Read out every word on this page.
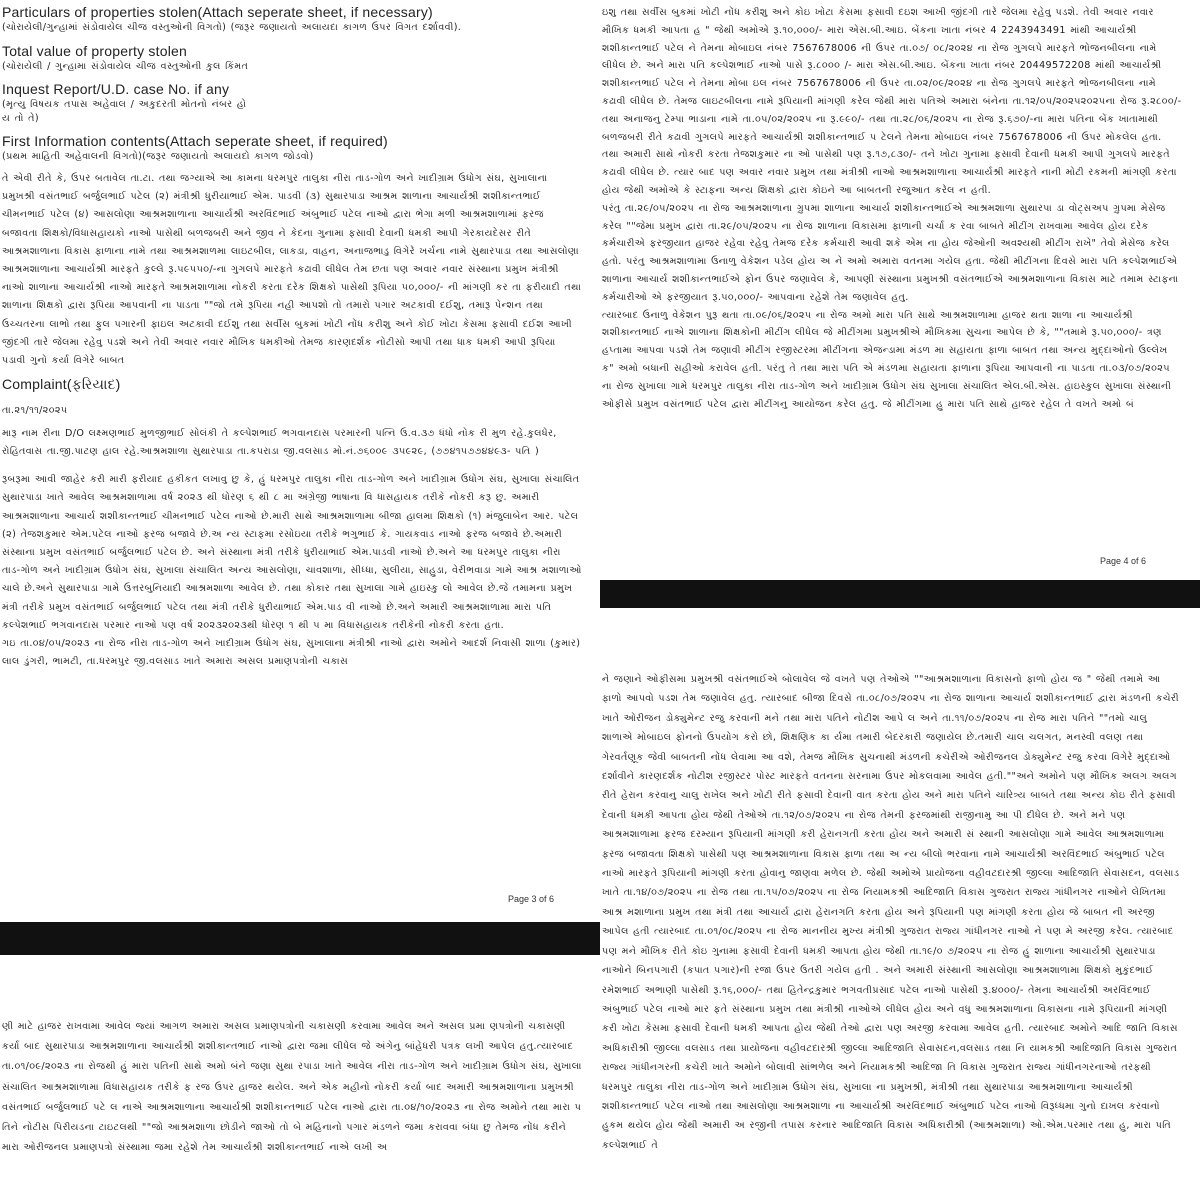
Particulars of properties stolen(Attach seperate sheet, if necessary)

(ચોરાયેલી/ગુન્હામાં સંડોવાયેલ ચીજ વસ્તુઓની વિગતો) (જરૂર જણાયતો અલાયદા કાગળ ઉપર વિગત દર્શાવવી).

Total value of property stolen

(ચોરાયેલી / ગુન્હામા સંડોવાયેલ ચીજ વસ્તુઓની કુલ કિંમત

Inquest Report/U.D. case No. if any

(મૃત્યુ વિષયક તપાસ અહેવાલ / અકુદરતી મોતનો નંબર હો
ય તો તે)

First Information contents(Attach seperate sheet, if required)

(પ્રથમ માહિતી અહેવાલની વિગતો)(જરૂર જણાયતો અલાયદો કાગળ જોડવો)

તે એવી રીતે કે, ઉપર બતાવેલ તા.ટા. તથા જગ્યાએ આ કામના ધરમપુર તાલુકા નીરા તાડ-ગોળ અને ખાદીગ્રામ ઉધોગ સંઘ, સુખાલાના પ્રમુખશ્રી વસંતભાઈ બર્જુલભાઈ પટેલ (૨) મંત્રીશ્રી ધુરીયાભાઈ એમ. પાડવી (૩) સુથારપાડા આશ્રમ શાળાના આચાર્યશ્રી શશીકાન્તભાઈ ચીમનભાઈ પટેલ (૪) આસલોણા આશ્રમશાળાના આચાર્યશ્રી અરવિંદભાઈ અંબુભાઈ પટેલ નાઓ દ્વારા ભેગા મળી આશ્રમશાળામાં ફરજ બજાવતા શિક્ષકો/વિધાસહાયકો નાઓ પાસેથી બળજબરી અને જીવ ને કેદના ગુનામા ફસાવી દેવાની ધમકી આપી ગેરકાયદેસર રીતે આશ્રમશાળાના વિકાસ ફાળાના નામે તથા આશ્રમશાળમા લાઇટબીલ, લાકડા, વાહન, અનાજભાડુ વિગેરે ખર્ચના નામે સુથારપાડા તથા આસલોણા આશ્રમશાળાના આચાર્યશ્રી મારફતે કુલ્લે રૂ.૫૯૫૫૦/-ના ગુગલપે મારફતે કઢાવી લીધેલ તેમ છતા પણ અવાર નવાર સંસ્થાના પ્રમુખ મંત્રીશ્રી નાઓ શાળાના આચાર્યશ્રી નાઓ મારફતે આશ્રમશાળામા નોકરી કરતા દરેક શિક્ષકો પાસેથી રૂપિયા ૫૦,૦૦૦/- ની માંગણી કર તા ફરીયાદી તથા શાળાના શિક્ષકો દ્વારા રૂપિયા આપવાની ના પાડતા ""જો તમે રૂપિયા નહી આપશો તો તમારો પગાર અટકાવી દઈશુ, તમારૂ પેન્શન તથા ઉચ્ચતરના લાભો તથા ફુલ પગારની ફાઇલ અટકાવી દઈશુ તથા સર્વીસ બુકમાં ખોટી નોંધ કરીશુ અને કોઈ ખોટા કેસમા ફસાવી દઈશ આખી જીંદગી તારે જેલમા રહેવુ પડશે અને તેવી અવાર નવાર મૌખિક ધમકીઓ તેમજ કારણદર્શક નોટીસો આપી તથા ધાક ધમકી આપી રૂપિયા પડાવી ગુનો કર્યા વિગેરે બાબત

Complaint(ફરિયાદ)

તા.૨૧/૧૧/૨૦૨૫

મારૂ નામ રીના D/O લક્ષ્મણભાઈ મુળજીભાઈ સોલંકી તે કલ્પેશભાઈ ભગવાનદાસ પરમારની પત્નિ ઉ.વ.૩૭ ધંધો નોક રી મુળ રહે.કુલધેર, રોહિતવાસ તા.જી.પાટણ હાલ રહે.આશ્રમશાળા સુથારપાડા તા.કપરાડા જી.વલસાડ મો.નં.૭૬૦૦૯ ૩૫૯૨૯, (૭૭૪૧૫૭૭૪૪૯૩- પતિ )

રૂબરૂમા આવી જાહેર કરી મારી ફરીયાદ હકીકત લખાવુ છુ કે, હું ધરમપુર તાલુકા નીરા તાડ-ગોળ અને ખાદીગ્રામ ઉધોગ સંઘ, સુખાલા સંચાલિત સુથારપાડા ખાતે આવેલ આશ્રમશાળામા વર્ષ ૨૦૨૩ થી ધોરણ ૬ થી ૮ મા અંગ્રેજી ભાષાના વિ ધાસહાયક તરીકે નોકરી કરૂ છુ. અમારી આશ્રમશાળાના આચાર્ય શશીકાન્તભાઈ ચીમનભાઈ પટેલ નાઓ છે.મારી સાથે આશ્રમશાળામા બીજા હાલમા શિક્ષકો (૧) મંજુલાબેન આર. પટેલ (૨) તેજશકુમાર એમ.પટેલ નાઓ ફરજ બજાવે છે.અ ન્ય સ્ટાફમા રસોઇયા તરીકે ભગુભાઈ કે. ગાયકવાડ નાઓ ફરજ બજાવે છે.અમારી સંસ્થાના પ્રમુખ વસંતભાઈ બર્જુલભાઈ પટેલ છે. અને સંસ્થાના મંત્રી તરીકે ધુરીયાભાઈ એમ.પાડવી નાઓ છે.અને આ ધરમપુર તાલુકા નીરા તાડ-ગોળ અને ખાદીગ્રામ ઉધોગ સંઘ, સુખાલા સંચાલિત અન્ય આસલોણા, ચાવશાળા, સીધ્ધા, સુલીયા, સાહુડા, વેરીભવાડા ગામે આશ્ર મશાળાઓ ચાલે છે.અને સુથારપાડા ગામે ઉત્તરબુનિયાદી આશ્રમશાળા આવેલ છે. તથા કોકાર તથા સુખાલા ગામે હાઇસ્કુ લો આવેલ છે.જે તમામના પ્રમુખ મંત્રી તરીકે પ્રમુખ વસંતભાઈ બર્જુલભાઈ પટેલ તથા મંત્રી તરીકે ધુરીયાભાઈ એમ.પાડ વી નાઓ છે.અને અમારી આશ્રમશાળામા મારા પતિ કલ્પેશભાઈ ભગવાનદાસ પરમાર નાઓ પણ વર્ષ ૨૦૨૩૨૦૨૩થી ધોરણ ૧ થી ૫ મા વિધાસહાયક તરીકેની નોકરી કરતા હતા.

ગઇ તા.૦૪/૦૫/૨૦૨૩ ના રોજ નીરા તાડ-ગોળ અને ખાદીગ્રામ ઉધોગ સંઘ, સુખાલાના મંત્રીશ્રી નાઓ દ્વારા અમોને આદર્શ નિવાસી શાળા (કુમાર) લાલ ડુંગરી, ભામટી, તા.ધરમપુર જી.વલસાડ ખાતે અમારા અસલ પ્રમાણપત્રોની ચકાસ

Page 3 of 6

ણી માટે હાજર રાખવામા આવેલ જ્યાં આગળ અમારા અસલ પ્રમાણપત્રોની ચકાસણી કરવામા આવેલ અને અસલ પ્રમા ણપત્રોની ચકાસણી કર્યા બાદ સુથારપાડા આશ્રમશાળાના આચાર્યશ્રી શશીકાન્તભાઈ નાઓ દ્વારા જમા લીધેલ જે અંગેનુ બાંહેધરી પત્રક લખી આપેલ હતુ.ત્યારબાદ તા.૦૧/૦૯/૨૦૨૩ ના રોજથી હું મારા પતિની સાથે અમો બંને જણા સુથા રપાડા ખાતે આવેલ નીરા તાડ-ગોળ અને ખાદીગ્રામ ઉધોગ સંઘ, સુખાલા સંચાલિત આશ્રમશાળામા વિધાસહાયક તરીકે ફ રજ ઉપર હાજર થયેલ. અને એક મહીનો નોકરી કર્યા બાદ અમારી આશ્રમશાળાના પ્રમુખશ્રી વસંતભાઈ બર્જુલભાઈ પટે લ નાએ આશ્રમશાળાના આચાર્યશ્રી શશીકાન્તભાઈ પટેલ નાઓ દ્વારા તા.૦૪/૧૦/૨૦૨૩ ના રોજ અમોને તથા મારા પ તિને નોટીસ પિરીયડના ટાઇટલથી ""જો આશ્રમશાળા છોડીને જાઓ તો બે મહિનાનો પગાર મંડળને જમા કરાવવા બંધા છુ તેમજ નોંધ કરીને મારા ઓરીજનલ પ્રમાણપત્રો સંસ્થામા જમા રહેશે તેમ આચાર્યશ્રી શશીકાન્તભાઈ નાએ લખી અ

ઇશુ તથા સર્વીસ બુકમાં ખોટી નોંધ કરીશુ અને કોઇ ખોટા કેસમા ફસાવી દઇશ આખી જીંદગી તારે જેલમા રહેવુ પડશે. તેવી અવાર નવાર મૌખિક ધમકી આપતા હ " જેથી અમોએ રૂ.૧૦,૦૦૦/- મારા એસ.બી.આઇ. બેંકના ખાતા નંબર 4 2243943491 માંથી આચાર્યશ્રી શશીકાન્તભાઈ પટેલ ને તેમના મોબાઇલ નંબર 7567678006 ની ઉપર તા.૦૭/ ૦૮/૨૦૨૪ ના રોજ ગુગલપે મારફતે ભોજનબીલના નામે લીધેલ છે. અને મારા પતિ કલ્પેશભાઈ નાઓ પાસે રૂ.૮૦૦૦ /- મારા એસ.બી.આઇ. બેંકના ખાતા નંબર 20449572208 માંથી આચાર્યશ્રી શશીકાન્તભાઈ પટેલ ને તેમના મોબા ઇલ નંબર 7567678006 ની ઉપર તા.૦૨/૦૯/૨૦૨૪ ના રોજ ગુગલપે મારફતે ભોજનબીલના નામે કઢાવી લીધેલ છે. તેમજ લાઇટબીલના નામે રૂપિયાની માંગણી કરેલ જેથી મારા પતિએ અમારા બંનેના તા.૧૨/૦૫/૨૦૨૫૨૦૨૫ના રોજ રૂ.૨૮૦૦/-તથા અનાજનુ ટેમ્પા ભાડાના નામે તા.૦૫/૦૨/૨૦૨૫ ના રૂ.૯૯૦/- તથા તા.૨૮/૦૬/૨૦૨૫ ના રોજ રૂ.૬૭૦/-ના મારા પતિના બેંક ખાતામાથી બળજબરી રીતે કઢાવી ગુગલપે મારફતે આચાર્યશ્રી શશીકાન્તભાઈ પ ટેલને તેમના મોબાઇલ નંબર 7567678006 ની ઉપર મોકલેલ હતા. તથા અમારી સાથે નોકરી કરતા તેજશકુમાર ના ઓ પાસેથી પણ રૂ.૧૭,૮૩૦/- તને ખોટા ગુનામા ફસાવી દેવાની ધમકી આપી ગુગલપે મારફતે કઢાવી લીધેલ છે. ત્યાર બાદ પણ અવાર નવાર પ્રમુખ તથા મંત્રીશ્રી નાઓ આશ્રમશાળાના આચાર્યશ્રી મારફતે નાની મોટી રકમની માંગણી કરતા હોય જેથી અમોએ કે સ્ટાફના અન્ય શિક્ષકો દ્વારા કોઇને આ બાબતની રજુઆત કરેલ ન હતી.

પરંતુ તા.૨૯/૦૫/૨૦૨૫ ના રોજ આશ્રમશાળાના ગ્રુપમા શાળાના આચાર્ય શશીકાન્તભાઈએ આશ્રમશાળા સુથારપા ડા વોટ્સઅપ ગ્રુપમા મેસેજ કરેલ ""જેમા પ્રમુખ દ્વારા તા.૨૯/૦૫/૨૦૨૫ ના રોજ શાળાના વિકાસમા ફાળાની ચર્ચા ક રવા બાબતે મીટીંગ રાખવામા આવેલ હોય દરેક કર્મચારીએ ફરજીયાત હાજર રહેવા રહેવુ તેમજ દરેક કર્મચારી આવી શકે એમ ના હોય જેઓની અવશ્યથી મીટીંગ રાખે" તેવો મેસેજ કરેલ હતો. પરંતુ આશ્રમશાળામા ઉનાળુ વેકેશન પડેલ હોય અ ને અમો અમારા વતનમા ગયેલ હતા. જેથી મીટીંગના દિવસે મારા પતિ કલ્પેશભાઈએ શાળાના આચાર્ય શશીકાન્તભાઈએ ફોન ઉપર જણાવેલ કે, આપણી સંસ્થાના પ્રમુખશ્રી વસંતભાઈએ આશ્રમશાળાના વિકાસ માટે તમામ સ્ટાફના કર્મચારીઓ એ ફરજીયાત રૂ.૫૦,૦૦૦/- આપવાના રહેશે તેમ જણાવેલ હતુ.

ત્યારબાદ ઉનાળુ વેકેશન પુરૂ થતા તા.૦૯/૦૬/૨૦૨૫ ના રોજ અમો મારા પતિ સાથે આશ્રમશાળામા હાજર થતા શાળા ના આચાર્યશ્રી શશીકાન્તભાઈ નાએ શાળાના શિક્ષકોની મીટીંગ લીધેલ જે મીટીંગમા પ્રમુખશ્રીએ મૌખિકમા સુચના આપેલ છે કે, ""તમામે રૂ.૫૦,૦૦૦/- ત્રણ હપ્તામા આપવા પડશે તેમ જણાવી મીટીંગ રજીસ્ટરમા મીટીંગના એજન્ડામા મંડળ મા સહાયતા ફાળા બાબત તથા અન્ય મુદ્દાઓનો ઉલ્લેખ ક" અમો બધાની સહીઓ કરાવેલ હતી. પરંતુ તે તથા મારા પતિ એ મંડળમા સહાયતા ફાળાના રૂપિયા આપવાની ના પાડતા તા.૦૩/૦૭/૨૦૨૫ ના રોજ સુખાલા ગામે ધરમપુર તાલુકા નીરા તાડ-ગોળ અને ખાદીગ્રામ ઉધોગ સંઘ સુખાલા સંચાલિત એલ.બી.એસ. હાઇસ્કુલ સુખાલા સંસ્થાની ઓફીસે પ્રમુખ વસંતભાઈ પટેલ દ્વારા મીટીંગનુ આયોજન કરેલ હતુ. જે મીટીંગમા હુ મારા પતિ સાથે હાજર રહેલ તે વખતે અમો બં

Page 4 of 6

ને જણાને ઓફીસમા પ્રમુખશ્રી વસંતભાઈએ બોલાવેલ જે વખતે પણ તેઓએ ""આશ્રમશાળાના વિકાસનો ફાળો હોય જ " જેથી તમામે આ ફાળો આપવો પડશ તેમ જણાવેલ હતુ. ત્યારબાદ બીજા દિવસે તા.૦૮/૦૭/૨૦૨૫ ના રોજ શાળાના આચાર્ય શશીકાન્તભાઈ દ્વારા મંડળની કચેરી ખાતે ઓરીજન ડોક્યુમેન્ટ રજુ કરવાની મને તથા મારા પતિને નોટીશ આપે લ અને તા.૧૧/૦૭/૨૦૨૫ ના રોજ મારા પતિને ""તમો ચાલુ શાળાએ મોબાઇલ ફોનનો ઉપયોગ કરો છો, શિક્ષણિક કા ર્યમા તમારી બેદરકારી જણાયેલ છે.તમારી ચાલ ચલગત, મનસ્વી વલણ તથા ગેરવર્તણૂક જેવી બાબતની નોંધ લેવામા આ વશે, તેમજ મૌખિક સુચનાથી મંડળની કચેરીએ ઓરીજનલ ડોક્યુમેન્ટ રજુ કરવા વિગેરે મુદ્દાઓ દર્શાવીને કારણદર્શક નોટીશ રજીસ્ટર પોસ્ટ મારફતે વતનના સરનામા ઉપર મોકલવામા આવેલ હતી.""અને અમોને પણ મૌખિક અલગ અલગ રીતે હેરાન કરવાનુ ચાલુ રાખેલ અને ખોટી રીતે ફસાવી દેવાની વાત કરતા હોય અને મારા પતિને ચારિત્ર્ય બાબતે તથા અન્ય કોઇ રીતે ફસાવી દેવાની ધમકી આપતા હોય જેથી તેઓએ તા.૧૨/૦૭/૨૦૨૫ ના રોજ તેમની ફરજમાંથી રાજીનામુ આ પી દીધેલ છે. અને મને પણ આશ્રમશાળામા ફરજ દરમ્યાન રૂપિયાની માંગણી કરી હેરાનગતી કરતા હોય અને અમારી સં સ્થાની આસલોણા ગામે આવેલ આશ્રમશાળામા ફરજ બજાવતા શિક્ષકો પાસેથી પણ આશ્રમશાળાના વિકાસ ફાળા તથા અ ન્ય બીલો ભરવાના નામે આચાર્યશ્રી અરવિંદભાઈ અંબુભાઈ પટેલ નાઓ મારફતે રૂપિયાની માંગણી કરતા હોવાનુ જાણવા મળેલ છે. જેથી અમોએ પ્રાયોજના વહીવટદારશ્રી જીલ્લા આદિજાતિ સેવાસદન, વલસાડ ખાતે તા.૧૪/૦૭/૨૦૨૫ ના રોજ તથા તા.૧૫/૦૭/૨૦૨૫ ના રોજ નિયામકશ્રી આદિજાતિ વિકાસ ગુજરાત રાજ્ય ગાંધીનગર નાઓને લેખિતમા આશ્ર મશાળાના પ્રમુખ તથા મંત્રી તથા આચાર્ય દ્વારા હેરાનગતિ કરતા હોય અને રૂપિયાની પણ માંગણી કરતા હોય જે બાબત ની અરજી આપેલ હતી ત્યારબાદ તા.૦૧/૦૮/૨૦૨૫ ના રોજ માનનીય મુખ્ય મંત્રીશ્રી ગુજરાત રાજ્ય ગાંધીનગર નાઓ ને પણ મે અરજી કરેલ. ત્યારબાદ પણ મને મૌખિક રીતે કોઇ ગુનામા ફસાવી દેવાની ધમકી આપતા હોય જેથી તા.૧૯/૦ ૭/૨૦૨૫ ના રોજ હું શાળાના આચાર્યશ્રી સુથારપાડા નાઓને બિનપગારી (કપાત પગાર)ની રજા ઉપર ઉતરી ગયેલ હતી . અને અમારી સંસ્થાની આસલોણા આશ્રમશાળામા શિક્ષકો મુકુંદભાઈ રમેશભાઈ અભાણી પાસેથી રૂ.૧૬,૦૦૦/- તથા હિતેન્દ્રકુમાર ભગવતીપ્રસાદ પટેલ નાઓ પાસેથી રૂ.૪૦૦૦/- તેમના આચાર્યશ્રી અરવિંદભાઈ અંબુભાઈ પટેલ નાઓ માર ફતે સંસ્થાના પ્રમુખ તથા મંત્રીશ્રી નાઓએ લીધેલ હોય અને વધુ આશ્રમશાળાના વિકાસના નામે રૂપિયાની માંગણી કરી ખોટા કેસમા ફસાવી દેવાની ધમકી આપતા હોય જેથી તેઓ દ્વારા પણ અરજી કરવામા આવેલ હતી. ત્યારબાદ અમોને આદિ જાતિ વિકાસ અધિકારીશ્રી જીલ્લા વલસાડ તથા પ્રાયોજના વહીવટદારશ્રી જીલ્લા આદિજાતિ સેવાસદન,વલસાડ તથા નિ યામકશ્રી આદિજાતિ વિકાસ ગુજરાત રાજ્ય ગાંધીનગરની કચેરી ખાતે અમોને બોલાવી સાંભળેલ અને નિયામકશ્રી આદિજા તિ વિકાસ ગુજરાત રાજ્ય ગાંધીનગરનાઓ તરફથી ધરમપુર તાલુકા નીરા તાડ-ગોળ અને ખાદીગ્રામ ઉધોગ સંઘ, સુખાલા ના પ્રમુખશ્રી, મંત્રીશ્રી તથા સુથારપાડા આશ્રમશાળાના આચાર્યશ્રી શશીકાન્તભાઈ પટેલ નાઓ તથા આસલોણા આશ્રમશાળા ના આચાર્યશ્રી અરવિંદભાઈ અંબુભાઈ પટેલ નાઓ વિરૂધ્ધમા ગુનો દાખલ કરવાનો હુકમ થયેલ હોય જેથી અમારી અ રજીની તપાસ કરનાર આદિજાતિ વિકાસ અધિકારીશ્રી (આશ્રમશાળા) ઓ.એમ.પરમાર તથા હુ, મારા પતિ કલ્પેશભાઈ તે
